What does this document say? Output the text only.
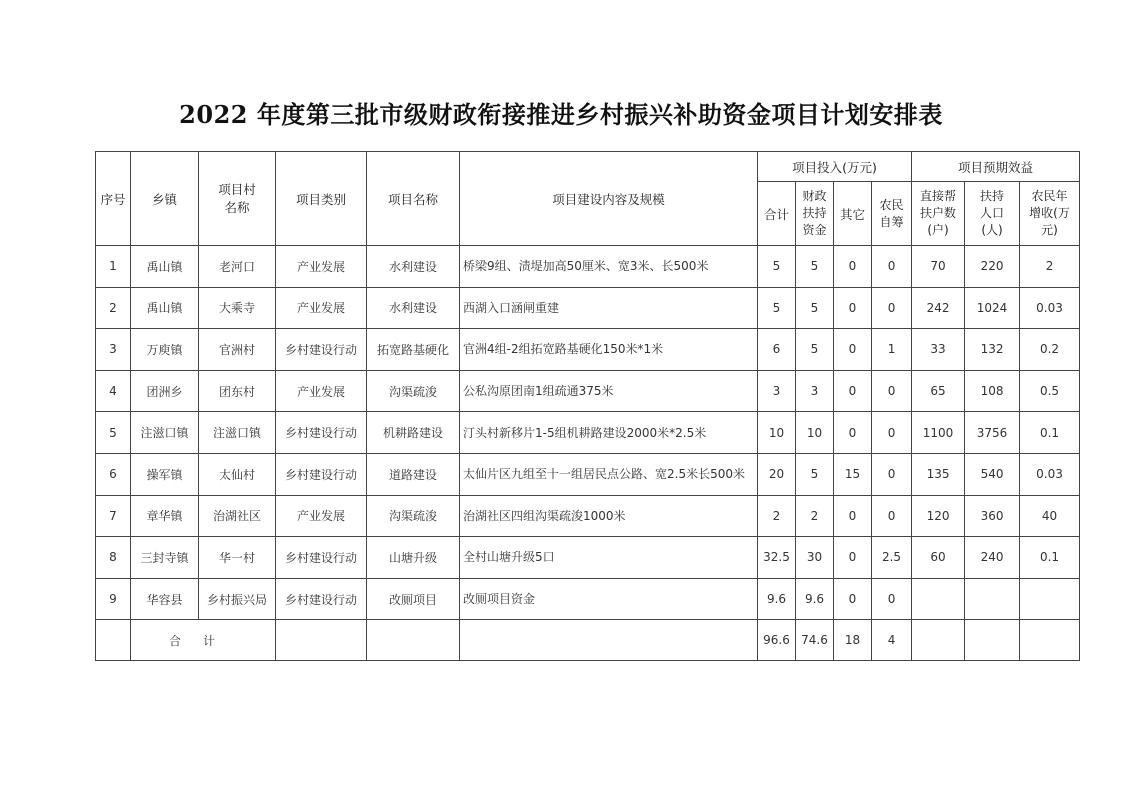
2022 年度第三批市级财政衔接推进乡村振兴补助资金项目计划安排表
序号	乡镇	项目村名称	项目类别	项目名称	项目建设内容及规模	项目投入(万元)				项目预期效益		
						合计	财政扶持资金	其它	农民自筹	直接帮扶户数(户)	扶持人口(人)	农民年增收(万元)
1	禹山镇	老河口	产业发展	水利建设	桥梁9组、渍堤加高50厘米、宽3米、长500米	5	5	0	0	70	220	2
2	禹山镇	大乘寺	产业发展	水利建设	西湖入口涵闸重建	5	5	0	0	242	1024	0.03
3	万庾镇	官洲村	乡村建设行动	拓宽路基硬化	官洲4组-2组拓宽路基硬化150米*1米	6	5	0	1	33	132	0.2
4	团洲乡	团东村	产业发展	沟渠疏浚	公私沟原团南1组疏通375米	3	3	0	0	65	108	0.5
5	注滋口镇	注滋口镇	乡村建设行动	机耕路建设	汀头村新移片1-5组机耕路建设2000米*2.5米	10	10	0	0	1100	3756	0.1
6	操军镇	太仙村	乡村建设行动	道路建设	太仙片区九组至十一组居民点公路、宽2.5米长500米	20	5	15	0	135	540	0.03
7	章华镇	治湖社区	产业发展	沟渠疏浚	治湖社区四组沟渠疏浚1000米	2	2	0	0	120	360	40
8	三封寺镇	华一村	乡村建设行动	山塘升级	全村山塘升级5口	32.5	30	0	2.5	60	240	0.1
9	华容县	乡村振兴局	乡村建设行动	改厕项目	改厕项目资金	9.6	9.6	0	0			
	合计					96.6	74.6	18	4			
